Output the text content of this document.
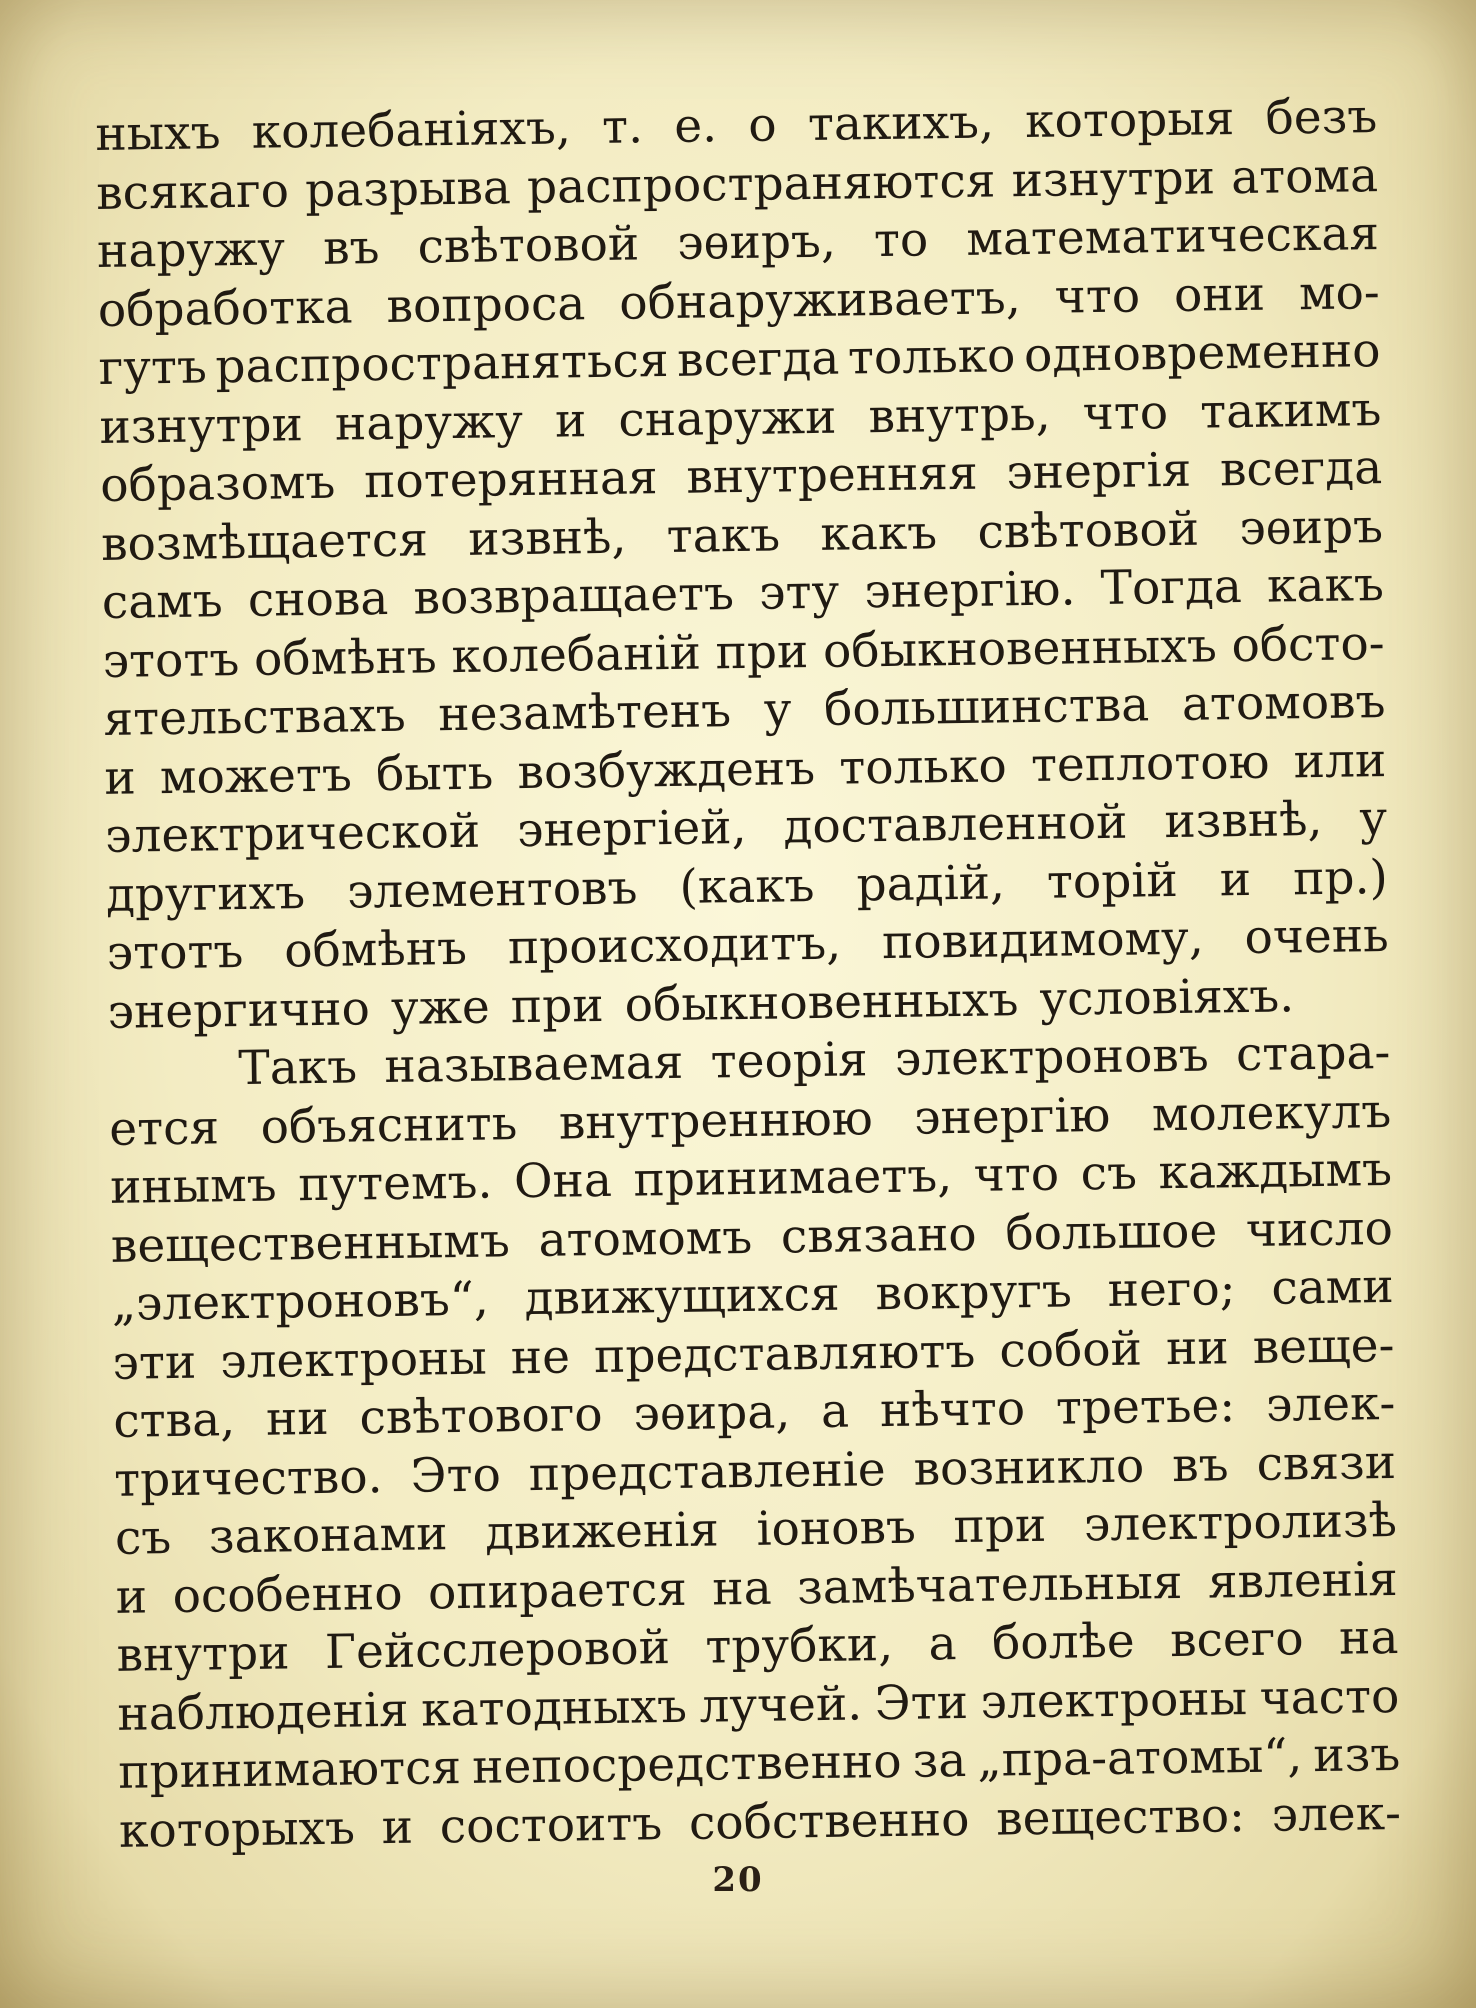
ныхъ колебаніяхъ, т. е. о такихъ, которыя безъ
всякаго разрыва распространяются изнутри атома
наружу въ свѣтовой эѳиръ, то математическая
обработка вопроса обнаруживаетъ, что они мо-
гутъ распространяться всегда только одновременно
изнутри наружу и снаружи внутрь, что такимъ
образомъ потерянная внутренняя энергія всегда
возмѣщается извнѣ, такъ какъ свѣтовой эѳиръ
самъ снова возвращаетъ эту энергію. Тогда какъ
этотъ обмѣнъ колебаній при обыкновенныхъ обсто-
ятельствахъ незамѣтенъ у большинства атомовъ
и можетъ быть возбужденъ только теплотою или
электрической энергіей, доставленной извнѣ, у
другихъ элементовъ (какъ радій, торій и пр.)
этотъ обмѣнъ происходитъ, повидимому, очень
энергично уже при обыкновенныхъ условіяхъ.
Такъ называемая теорія электроновъ стара-
ется объяснить внутреннюю энергію молекулъ
инымъ путемъ. Она принимаетъ, что съ каждымъ
вещественнымъ атомомъ связано большое число
„электроновъ“, движущихся вокругъ него; сами
эти электроны не представляютъ собой ни веще-
ства, ни свѣтового эѳира, а нѣчто третье: элек-
тричество. Это представленіе возникло въ связи
съ законами движенія іоновъ при электролизѣ
и особенно опирается на замѣчательныя явленія
внутри Гейсслеровой трубки, а болѣе всего на
наблюденія катодныхъ лучей. Эти электроны часто
принимаются непосредственно за „пра-атомы“, изъ
которыхъ и состоитъ собственно вещество: элек-
20
